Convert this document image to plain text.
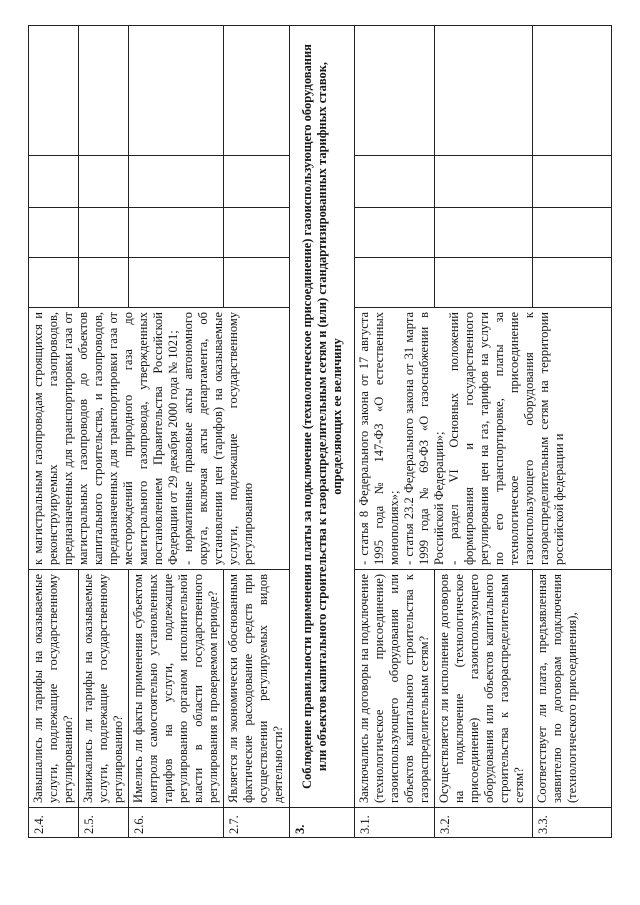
2.4.	Завышались ли тарифы на оказываемые услуги, подлежащие государственному регулированию?	к магистральным газопроводам строящихся и реконструируемых газопроводов, предназначенных для транспортировки газа от магистральных газопроводов до объектов капитального строительства, и газопроводов, предназначенных для транспортировки газа от месторождений природного газа до магистрального газопровода, утвержденных постановлением Правительства Российской Федерации от 29 декабря 2000 года № 1021; - нормативные правовые акты автономного округа, включая акты департамента, об установлении цен (тарифов) на оказываемые услуги, подлежащие государственному регулированию				

2.5.	Занижались ли тарифы на оказываемые услуги, подлежащие государственному регулированию?					
2.6.	Имелись ли факты применения субъектом контроля самостоятельно установленных тарифов на услуги, подлежащие регулированию органом исполнительной власти в области государственного регулирования в проверяемом периоде?					
2.7.	Является ли экономически обоснованным фактические расходование средств при осуществлении регулируемых видов деятельности?					
3.	Соблюдение правильности применения платы за подключение (технологическое присоединение) газоиспользующего оборудования или объектов капитального строительства к газораспределительным сетям и (или) стандартизированных тарифных ставок, определяющих ее величину					
3.1.	Заключались ли договоры на подключение (технологическое присоединение) газоиспользующего оборудования или объектов капитального строительства к газораспределительным сетям?	- статья 8 Федерального закона от 17 августа 1995 года № 147-ФЗ «О естественных монополиях»; - статья 23.2 Федерального закона от 31 марта 1999 года № 69-ФЗ «О газоснабжении в Российской Федерации»; - раздел VI Основных положений формирования и государственного регулирования цен на газ, тарифов на услуги по его транспортировке, платы за технологическое присоединение газоиспользующего оборудования к газораспределительным сетям на территории российской федерации и				

3.2.	Осуществляется ли исполнение договоров на подключение (технологическое присоединение) газоиспользующего оборудования или объектов капитального строительства к газораспределительным сетям?					
3.3.	Соответствует ли плата, предъявленная заявителю по договорам подключения (технологического присоединения),					
